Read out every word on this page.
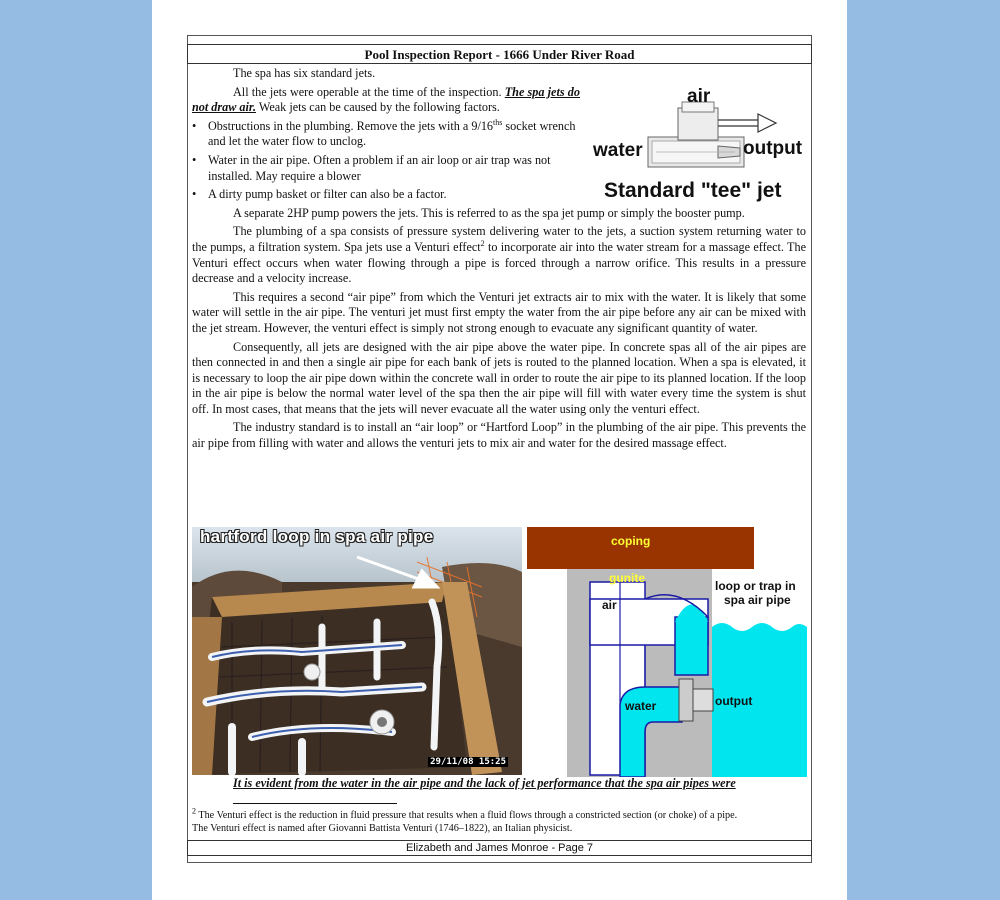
Pool Inspection Report - 1666 Under River Road

The spa has six standard jets.

All the jets were operable at the time of the inspection. The spa jets do not draw air. Weak jets can be caused by the following factors.

• Obstructions in the plumbing. Remove the jets with a $9/16^{ths}$ socket wrench and let the water flow to unclog.
• Water in the air pipe. Often a problem if an air loop or air trap was not installed. May require a blower
• A dirty pump basket or filter can also be a factor.

A separate 2HP pump powers the jets. This is referred to as the spa jet pump or simply the booster pump.

The plumbing of a spa consists of pressure system delivering water to the jets, a suction system returning water to the pumps, a filtration system. Spa jets use a Venturi effect$^2$ to incorporate air into the water stream for a massage effect. The Venturi effect occurs when water flowing through a pipe is forced through a narrow orifice. This results in a pressure decrease and a velocity increase.

This requires a second “air pipe” from which the Venturi jet extracts air to mix with the water. It is likely that some water will settle in the air pipe. The venturi jet must first empty the water from the air pipe before any air can be mixed with the jet stream. However, the venturi effect is simply not strong enough to evacuate any significant quantity of water.

Consequently, all jets are designed with the air pipe above the water pipe. In concrete spas all of the air pipes are then connected in and then a single air pipe for each bank of jets is routed to the planned location. When a spa is elevated, it is necessary to loop the air pipe down within the concrete wall in order to route the air pipe to its planned location. If the loop in the air pipe is below the normal water level of the spa then the air pipe will fill with water every time the system is shut off. In most cases, that means that the jets will never evacuate all the water using only the venturi effect.

The industry standard is to install an “air loop” or “Hartford Loop” in the plumbing of the air pipe. This prevents the air pipe from filling with water and allows the venturi jets to mix air and water for the desired massage effect.

air
water	output
Standard "tee" jet
hartford loop in spa air pipe
29/11/08 15:25
coping
gunite
air
water	output
loop or trap in
spa air pipe
It is evident from the water in the air pipe and the lack of jet performance that the spa air pipes were
$^2$ The Venturi effect is the reduction in fluid pressure that results when a fluid flows through a constricted section (or choke) of a pipe.
The Venturi effect is named after Giovanni Battista Venturi (1746–1822), an Italian physicist.
Elizabeth and James Monroe - Page 7
